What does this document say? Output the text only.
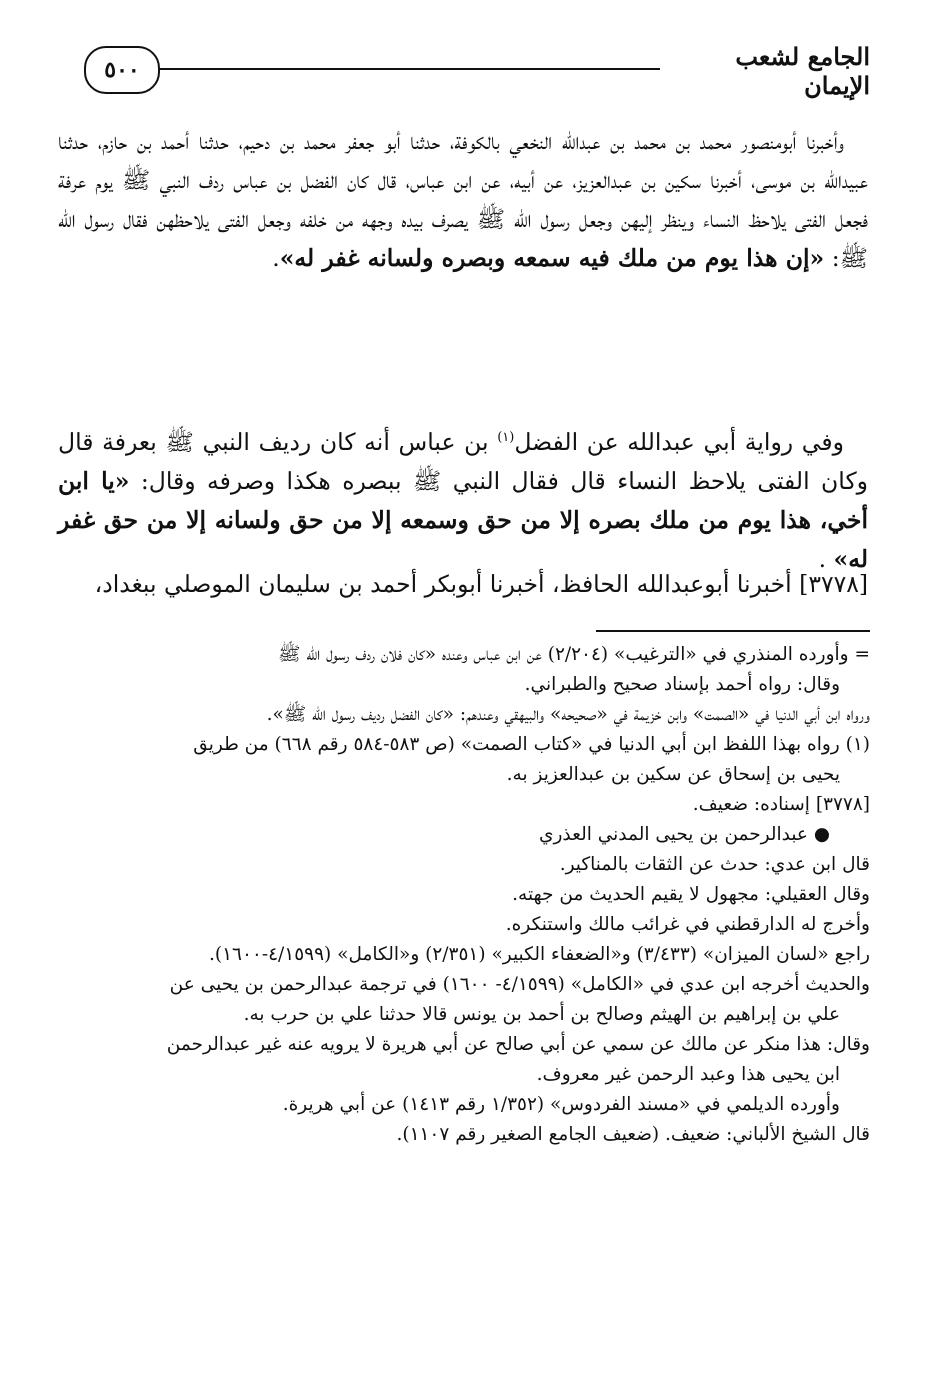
٥٠٠	الجامع لشعب الإيمان

وأخبرنا أبومنصور محمد بن محمد بن عبدالله النخعي بالكوفة، حدثنا أبو جعفر محمد بن دحيم، حدثنا أحمد بن حازم، حدثنا عبيدالله بن موسى، أخبرنا سكين بن عبدالعزيز، عن أبيه، عن ابن عباس، قال كان الفضل بن عباس ردف النبي ﷺ يوم عرفة فجعل الفتى يلاحظ النساء وينظر إليهن وجعل رسول الله ﷺ يصرف بيده وجهه من خلفه وجعل الفتى يلاحظهن فقال رسول الله ﷺ: «إن هذا يوم من ملك فيه سمعه وبصره ولسانه غفر له».

وفي رواية أبي عبدالله عن الفضل$^{(١)}$ بن عباس أنه كان رديف النبي ﷺ بعرفة قال وكان الفتى يلاحظ النساء قال فقال النبي ﷺ ببصره هكذا وصرفه وقال: «يا ابن أخي، هذا يوم من ملك بصره إلا من حق وسمعه إلا من حق ولسانه إلا من حق غفر له» .

[٣٧٧٨] أخبرنا أبوعبدالله الحافظ، أخبرنا أبوبكر أحمد بن سليمان الموصلي ببغداد،

= وأورده المنذري في «الترغيب» (٢/٢٠٤) عن ابن عباس وعنده «كان فلان ردف رسول الله ﷺ

وقال: رواه أحمد بإسناد صحيح والطبراني.

ورواه ابن أبي الدنيا في «الصمت» وابن خزيمة في «صحيحه» والبيهقي وعندهم: «كان الفضل رديف رسول الله ﷺ».

(١) رواه بهذا اللفظ ابن أبي الدنيا في «كتاب الصمت» (ص ٥٨٣-٥٨٤ رقم ٦٦٨) من طريق

يحيى بن إسحاق عن سكين بن عبدالعزيز به.

[٣٧٧٨] إسناده: ضعيف.

● عبدالرحمن بن يحيى المدني العذري

قال ابن عدي: حدث عن الثقات بالمناكير.

وقال العقيلي: مجهول لا يقيم الحديث من جهته.

وأخرج له الدارقطني في غرائب مالك واستنكره.

راجع «لسان الميزان» (٣/٤٣٣) و«الضعفاء الكبير» (٢/٣٥١) و«الكامل» (٤/١٥٩٩-١٦٠٠).

والحديث أخرجه ابن عدي في «الكامل» (٤/١٥٩٩- ١٦٠٠) في ترجمة عبدالرحمن بن يحيى عن

علي بن إبراهيم بن الهيثم وصالح بن أحمد بن يونس قالا حدثنا علي بن حرب به.

وقال: هذا منكر عن مالك عن سمي عن أبي صالح عن أبي هريرة لا يرويه عنه غير عبدالرحمن

ابن يحيى هذا وعبد الرحمن غير معروف.

وأورده الديلمي في «مسند الفردوس» (١/٣٥٢ رقم ١٤١٣) عن أبي هريرة.

قال الشيخ الألباني: ضعيف. (ضعيف الجامع الصغير رقم ١١٠٧).
